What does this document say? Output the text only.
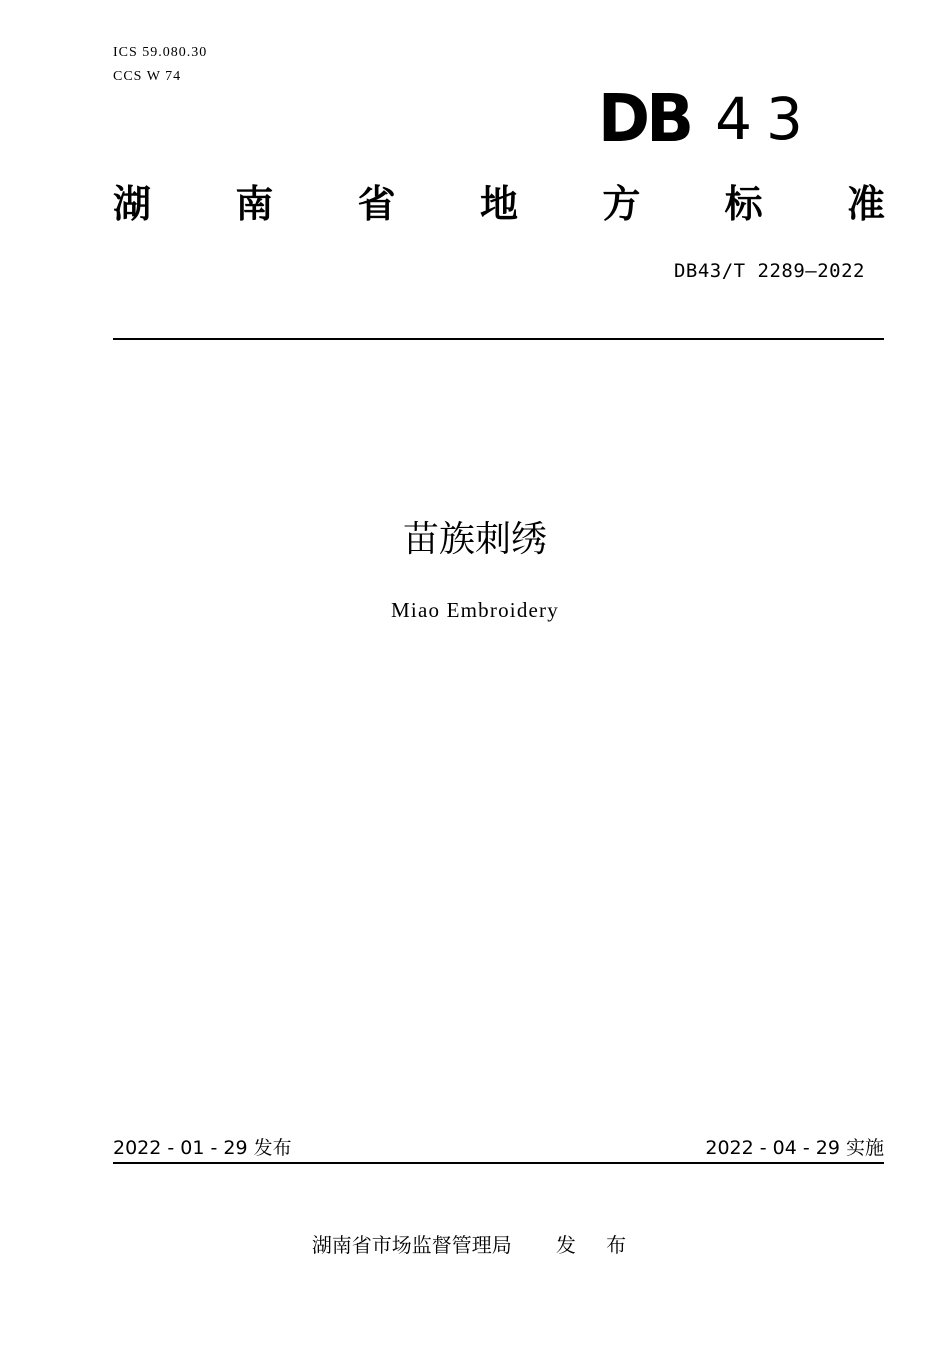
ICS 59.080.30
CCS W 74
DB 43
湖 南 省 地 方 标 准
DB43/T 2289—2022
苗族刺绣
Miao Embroidery
2022 - 01 - 29 发布	2022 - 04 - 29 实施
湖南省市场监督管理局 发 布
